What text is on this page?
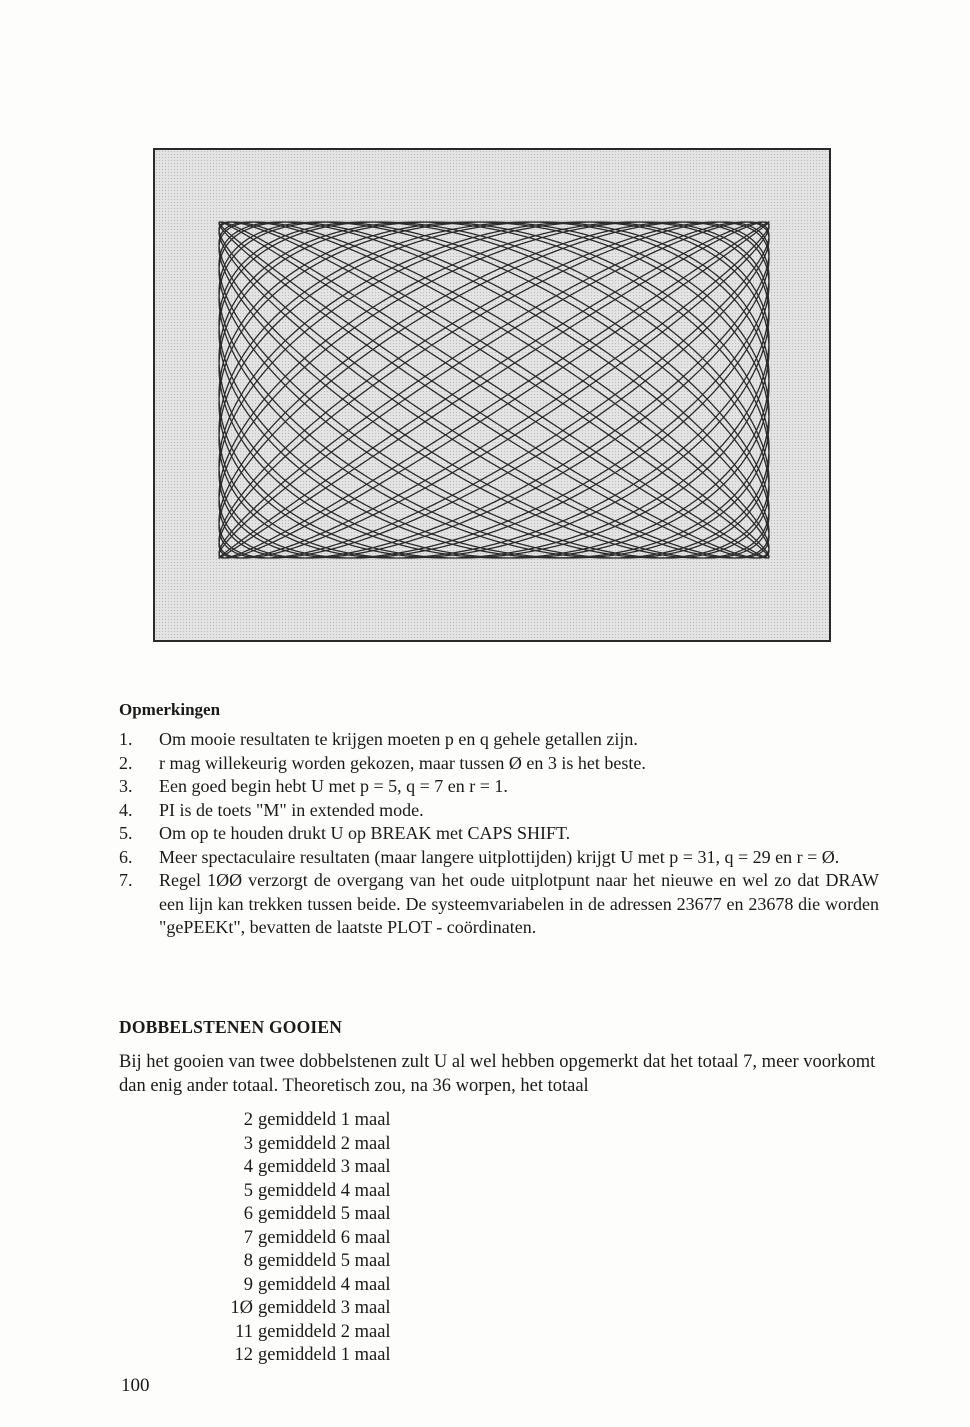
Opmerkingen
1. Om mooie resultaten te krijgen moeten p en q gehele getallen zijn.
2. r mag willekeurig worden gekozen, maar tussen Ø en 3 is het beste.
3. Een goed begin hebt U met p = 5, q = 7 en r = 1.
4. PI is de toets "M" in extended mode.
5. Om op te houden drukt U op BREAK met CAPS SHIFT.
6. Meer spectaculaire resultaten (maar langere uitplottijden) krijgt U met p = 31, q = 29 en r = Ø.
7. Regel 1ØØ verzorgt de overgang van het oude uitplotpunt naar het nieuwe en wel zo dat DRAW een lijn kan trekken tussen beide. De systeemvariabelen in de adressen 23677 en 23678 die worden "gePEEKt", bevatten de laatste PLOT - coördinaten.
DOBBELSTENEN GOOIEN
Bij het gooien van twee dobbelstenen zult U al wel hebben opgemerkt dat het totaal 7, meer voorkomt dan enig ander totaal. Theoretisch zou, na 36 worpen, het totaal
2 gemiddeld 1 maal
3 gemiddeld 2 maal
4 gemiddeld 3 maal
5 gemiddeld 4 maal
6 gemiddeld 5 maal
7 gemiddeld 6 maal
8 gemiddeld 5 maal
9 gemiddeld 4 maal
1Ø gemiddeld 3 maal
11 gemiddeld 2 maal
12 gemiddeld 1 maal
100
